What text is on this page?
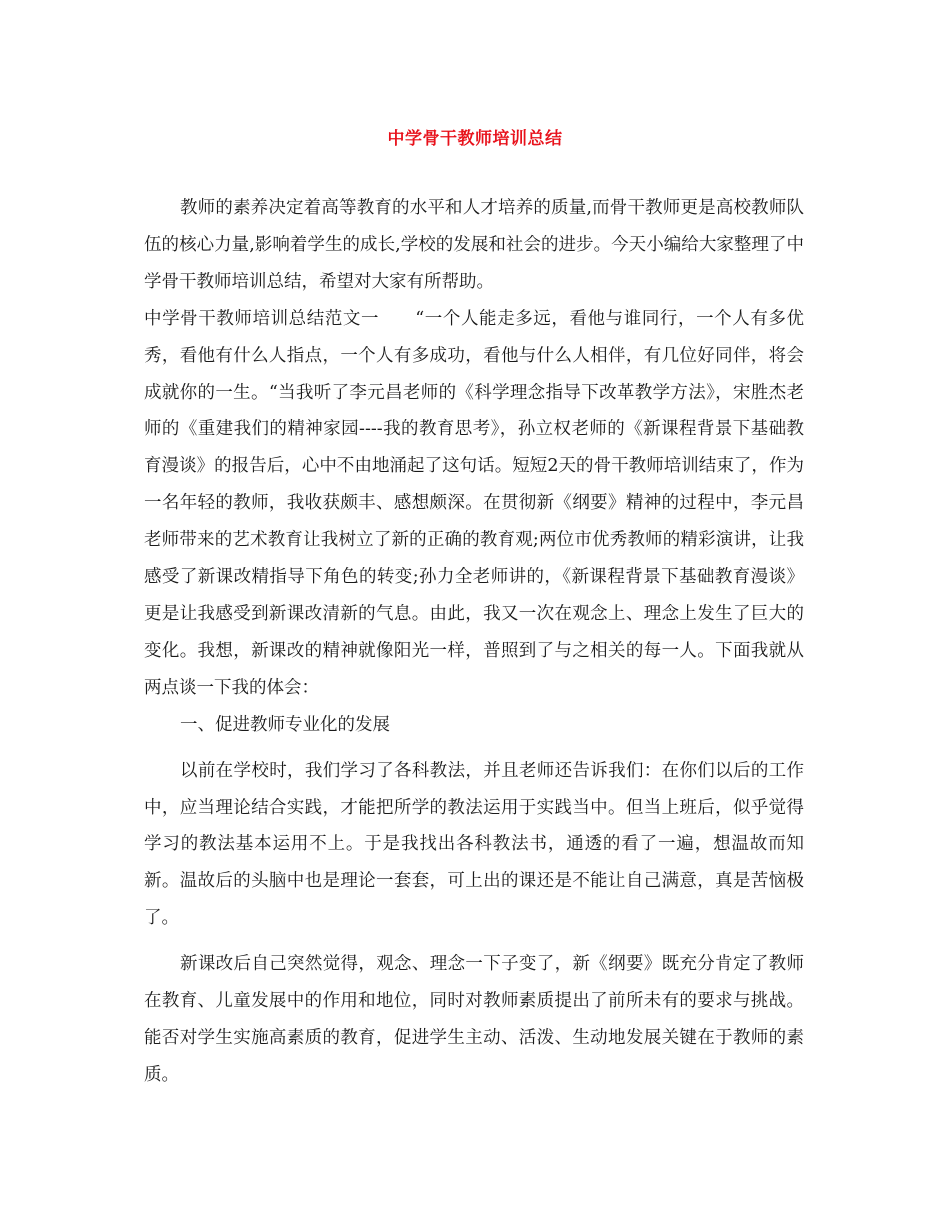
中学骨干教师培训总结

教师的素养决定着高等教育的水平和人才培养的质量,而骨干教师更是高校教师队伍的核心力量,影响着学生的成长,学校的发展和社会的进步。今天小编给大家整理了中学骨干教师培训总结，希望对大家有所帮助。

中学骨干教师培训总结范文一　　“一个人能走多远，看他与谁同行，一个人有多优秀，看他有什么人指点，一个人有多成功，看他与什么人相伴，有几位好同伴，将会成就你的一生。“当我听了李元昌老师的《科学理念指导下改革教学方法》，宋胜杰老师的《重建我们的精神家园----我的教育思考》，孙立权老师的《新课程背景下基础教育漫谈》的报告后，心中不由地涌起了这句话。短短2天的骨干教师培训结束了，作为一名年轻的教师，我收获颇丰、感想颇深。在贯彻新《纲要》精神的过程中，李元昌老师带来的艺术教育让我树立了新的正确的教育观;两位市优秀教师的精彩演讲，让我感受了新课改精指导下角色的转变;孙力全老师讲的，《新课程背景下基础教育漫谈》更是让我感受到新课改清新的气息。由此，我又一次在观念上、理念上发生了巨大的变化。我想，新课改的精神就像阳光一样，普照到了与之相关的每一人。下面我就从两点谈一下我的体会：

一、促进教师专业化的发展

以前在学校时，我们学习了各科教法，并且老师还告诉我们：在你们以后的工作中，应当理论结合实践，才能把所学的教法运用于实践当中。但当上班后，似乎觉得学习的教法基本运用不上。于是我找出各科教法书，通透的看了一遍，想温故而知新。温故后的头脑中也是理论一套套，可上出的课还是不能让自己满意，真是苦恼极了。

新课改后自己突然觉得，观念、理念一下子变了，新《纲要》既充分肯定了教师在教育、儿童发展中的作用和地位，同时对教师素质提出了前所未有的要求与挑战。能否对学生实施高素质的教育，促进学生主动、活泼、生动地发展关键在于教师的素质。
